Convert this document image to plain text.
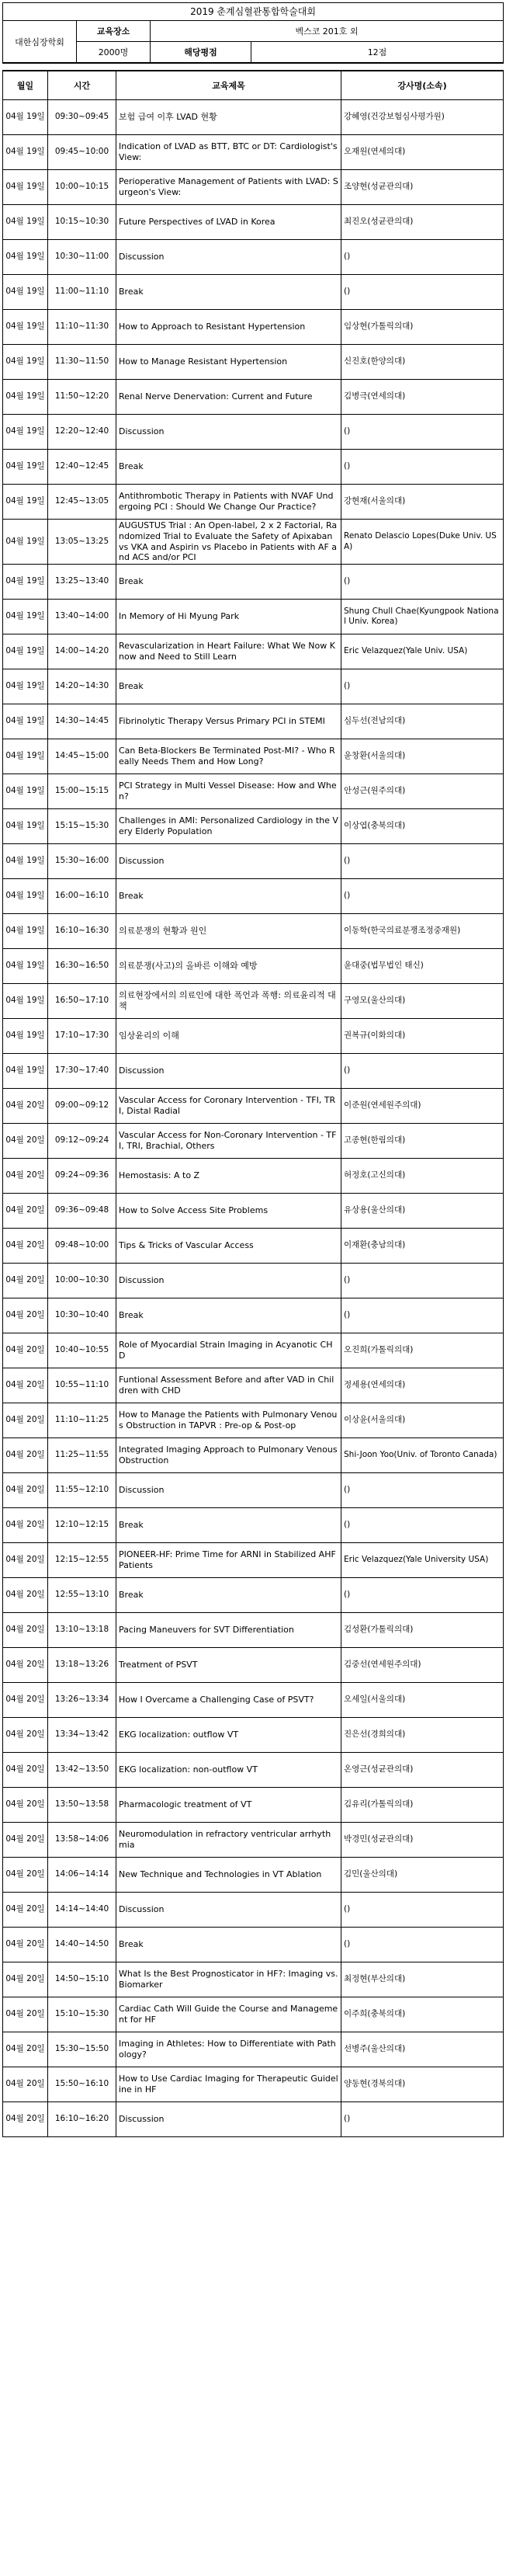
2019 춘계심혈관통합학술대회
대한심장학회	교육장소	벡스코 201호 외	
	2000명	해당평점	12점
월일	시간	교육제목	강사명(소속)
04월 19일	09:30~09:45	보험 급여 이후 LVAD 현황	강혜영(건강보험심사평가원)
04월 19일	09:45~10:00	Indication of LVAD as BTT, BTC or DT: Cardiologist's View:	오재원(연세의대)
04월 19일	10:00~10:15	Perioperative Management of Patients with LVAD: Surgeon's View:	조양현(성균관의대)
04월 19일	10:15~10:30	Future Perspectives of LVAD in Korea	최진오(성균관의대)
04월 19일	10:30~11:00	Discussion	()
04월 19일	11:00~11:10	Break	()
04월 19일	11:10~11:30	How to Approach to Resistant Hypertension	임상현(가톨릭의대)
04월 19일	11:30~11:50	How to Manage Resistant Hypertension	신진호(한양의대)
04월 19일	11:50~12:20	Renal Nerve Denervation: Current and Future	김병극(연세의대)
04월 19일	12:20~12:40	Discussion	()
04월 19일	12:40~12:45	Break	()
04월 19일	12:45~13:05	Antithrombotic Therapy in Patients with NVAF Undergoing PCI : Should We Change Our Practice?	강현재(서울의대)
04월 19일	13:05~13:25	AUGUSTUS Trial : An Open-label, 2 x 2 Factorial, Randomized Trial to Evaluate the Safety of Apixaban vs VKA and Aspirin vs Placebo in Patients with AF and ACS and/or PCI	Renato Delascio Lopes(Duke Univ. USA)
04월 19일	13:25~13:40	Break	()
04월 19일	13:40~14:00	In Memory of Hi Myung Park	Shung Chull Chae(Kyungpook National Univ. Korea)
04월 19일	14:00~14:20	Revascularization in Heart Failure: What We Now Know and Need to Still Learn	Eric Velazquez(Yale Univ. USA)
04월 19일	14:20~14:30	Break	()
04월 19일	14:30~14:45	Fibrinolytic Therapy Versus Primary PCI in STEMI	심두선(전남의대)
04월 19일	14:45~15:00	Can Beta-Blockers Be Terminated Post-MI? - Who Really Needs Them and How Long?	윤창환(서울의대)
04월 19일	15:00~15:15	PCI Strategy in Multi Vessel Disease: How and When?	안성근(원주의대)
04월 19일	15:15~15:30	Challenges in AMI: Personalized Cardiology in the Very Elderly Population	이상엽(충북의대)
04월 19일	15:30~16:00	Discussion	()
04월 19일	16:00~16:10	Break	()
04월 19일	16:10~16:30	의료분쟁의 현황과 원인	이동학(한국의료분쟁조정중재원)
04월 19일	16:30~16:50	의료분쟁(사고)의 올바른 이해와 예방	윤대중(법무법인 태신)
04월 19일	16:50~17:10	의료현장에서의 의료인에 대한 폭언과 폭행: 의료윤리적 대책	구영모(울산의대)
04월 19일	17:10~17:30	임상윤리의 이해	권복규(이화의대)
04월 19일	17:30~17:40	Discussion	()
04월 20일	09:00~09:12	Vascular Access for Coronary Intervention - TFI, TRI, Distal Radial	이준원(연세원주의대)
04월 20일	09:12~09:24	Vascular Access for Non-Coronary Intervention - TFI, TRI, Brachial, Others	고종현(한림의대)
04월 20일	09:24~09:36	Hemostasis: A to Z	허정호(고신의대)
04월 20일	09:36~09:48	How to Solve Access Site Problems	유상용(울산의대)
04월 20일	09:48~10:00	Tips & Tricks of Vascular Access	이재환(충남의대)
04월 20일	10:00~10:30	Discussion	()
04월 20일	10:30~10:40	Break	()
04월 20일	10:40~10:55	Role of Myocardial Strain Imaging in Acyanotic CHD	오진희(가톨릭의대)
04월 20일	10:55~11:10	Funtional Assessment Before and after VAD in Children with CHD	정세용(연세의대)
04월 20일	11:10~11:25	How to Manage the Patients with Pulmonary Venous Obstruction in TAPVR : Pre-op & Post-op	이상윤(서울의대)
04월 20일	11:25~11:55	Integrated Imaging Approach to Pulmonary Venous Obstruction	Shi-Joon Yoo(Univ. of Toronto Canada)
04월 20일	11:55~12:10	Discussion	()
04월 20일	12:10~12:15	Break	()
04월 20일	12:15~12:55	PIONEER-HF: Prime Time for ARNI in Stabilized AHF Patients	Eric Velazquez(Yale University USA)
04월 20일	12:55~13:10	Break	()
04월 20일	13:10~13:18	Pacing Maneuvers for SVT Differentiation	김성환(가톨릭의대)
04월 20일	13:18~13:26	Treatment of PSVT	김중선(연세원주의대)
04월 20일	13:26~13:34	How I Overcame a Challenging Case of PSVT?	오세일(서울의대)
04월 20일	13:34~13:42	EKG localization: outflow VT	진은선(경희의대)
04월 20일	13:42~13:50	EKG localization: non-outflow VT	온영근(성균관의대)
04월 20일	13:50~13:58	Pharmacologic treatment of VT	김유리(가톨릭의대)
04월 20일	13:58~14:06	Neuromodulation in refractory ventricular arrhythmia	박경민(성균관의대)
04월 20일	14:06~14:14	New Technique and Technologies in VT Ablation	김민(울산의대)
04월 20일	14:14~14:40	Discussion	()
04월 20일	14:40~14:50	Break	()
04월 20일	14:50~15:10	What Is the Best Prognosticator in HF?: Imaging vs. Biomarker	최정현(부산의대)
04월 20일	15:10~15:30	Cardiac Cath Will Guide the Course and Management for HF	이주희(충북의대)
04월 20일	15:30~15:50	Imaging in Athletes: How to Differentiate with Pathology?	선병주(울산의대)
04월 20일	15:50~16:10	How to Use Cardiac Imaging for Therapeutic Guideline in HF	양동현(경북의대)
04월 20일	16:10~16:20	Discussion	()
